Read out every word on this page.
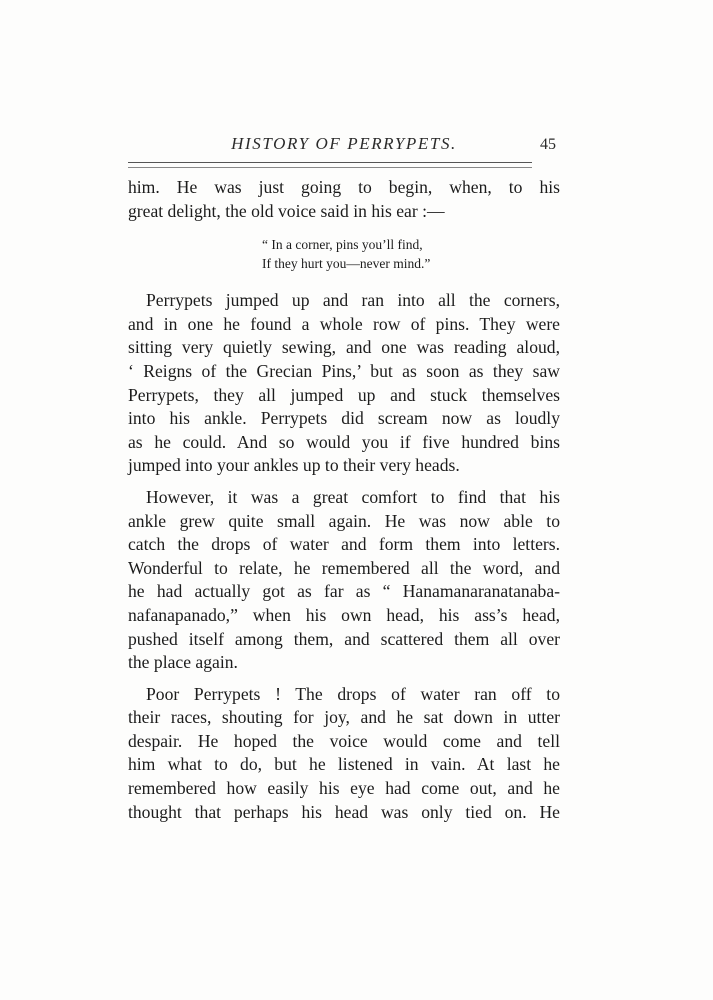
HISTORY OF PERRYPETS.	45
him. He was just going to begin, when, to his
great delight, the old voice said in his ear :—
“ In a corner, pins you’ll find,
If they hurt you—never mind.”
Perrypets jumped up and ran into all the corners,
and in one he found a whole row of pins. They were
sitting very quietly sewing, and one was reading aloud,
‘ Reigns of the Grecian Pins,’ but as soon as they saw
Perrypets, they all jumped up and stuck themselves
into his ankle. Perrypets did scream now as loudly
as he could. And so would you if five hundred bins
jumped into your ankles up to their very heads.
However, it was a great comfort to find that his
ankle grew quite small again. He was now able to
catch the drops of water and form them into letters.
Wonderful to relate, he remembered all the word, and
he had actually got as far as “ Hanamanaranatanaba-
nafanapanado,” when his own head, his ass’s head,
pushed itself among them, and scattered them all over
the place again.
Poor Perrypets ! The drops of water ran off to
their races, shouting for joy, and he sat down in utter
despair. He hoped the voice would come and tell
him what to do, but he listened in vain. At last he
remembered how easily his eye had come out, and he
thought that perhaps his head was only tied on. He
